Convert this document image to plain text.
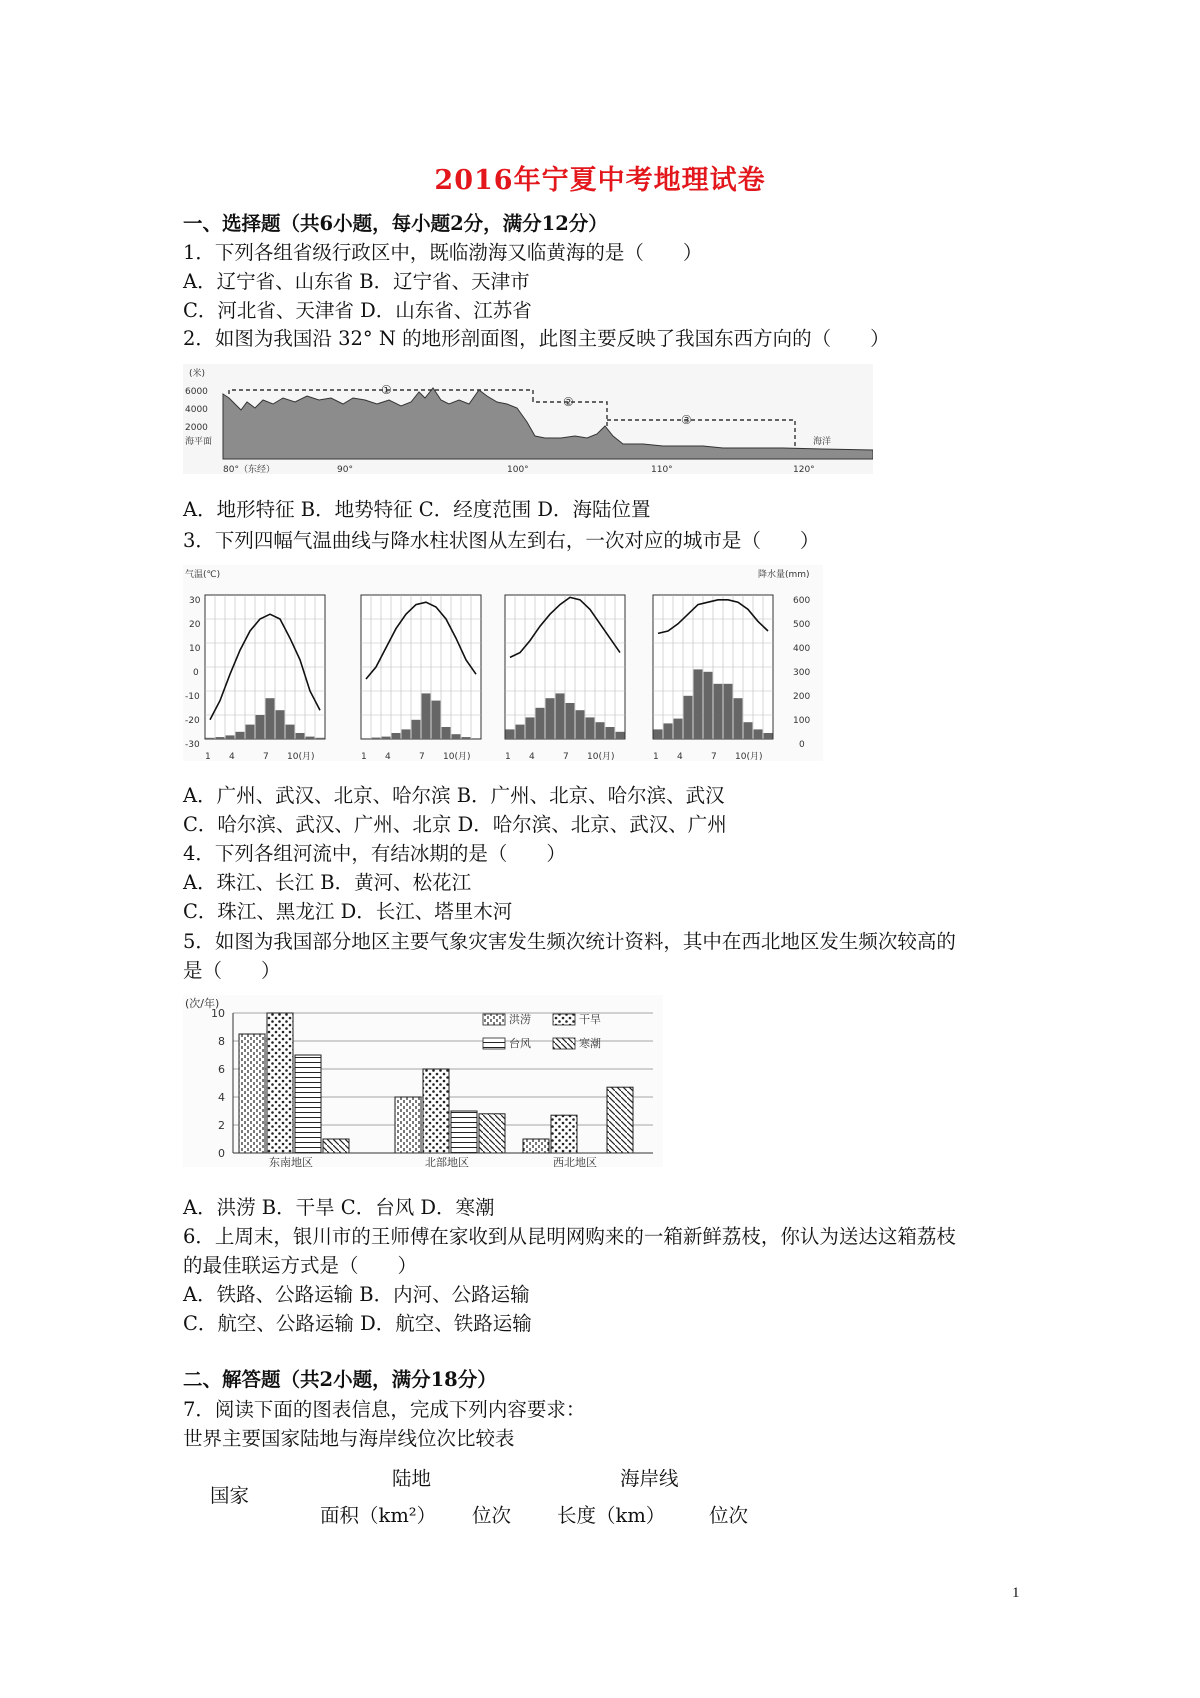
2016年宁夏中考地理试卷
一、选择题（共6小题，每小题2分，满分12分）
1．下列各组省级行政区中，既临渤海又临黄海的是（　　）
A．辽宁省、山东省 B．辽宁省、天津市
C．河北省、天津省 D．山东省、江苏省
2．如图为我国沿 32° N 的地形剖面图，此图主要反映了我国东西方向的（　　）
(米)
6000
4000
2000
海平面
①
②
③
海洋
80°（东经）	90°	100°	110°	120°
A．地形特征 B．地势特征 C．经度范围 D．海陆位置
3．下列四幅气温曲线与降水柱状图从左到右，一次对应的城市是（　　）
气温(℃)	降水量(mm)
30
20
10
0
-10
-20
-30
600
500
400
300
200
100
0
1 4	7 10(月)	1 4	7 10(月)	1 4	7 10(月)	1 4	7 10(月)
A．广州、武汉、北京、哈尔滨 B．广州、北京、哈尔滨、武汉
C．哈尔滨、武汉、广州、北京 D．哈尔滨、北京、武汉、广州
4．下列各组河流中，有结冰期的是（　　）
A．珠江、长江 B．黄河、松花江
C．珠江、黑龙江 D．长江、塔里木河
5．如图为我国部分地区主要气象灾害发生频次统计资料，其中在西北地区发生频次较高的
是（　　）
10
8
6
4
2
0
东南地区	北部地区	西北地区
洪涝	干旱
台风	寒潮
(次/年)
A．洪涝 B．干旱 C．台风 D．寒潮
6．上周末，银川市的王师傅在家收到从昆明网购来的一箱新鲜荔枝，你认为送达这箱荔枝
的最佳联运方式是（　　）
A．铁路、公路运输 B．内河、公路运输
C．航空、公路运输 D．航空、铁路运输
二、解答题（共2小题，满分18分）
7．阅读下面的图表信息，完成下列内容要求：
世界主要国家陆地与海岸线位次比较表
国家
陆地	海岸线
面积（km²） 位次 长度（km） 位次
1
